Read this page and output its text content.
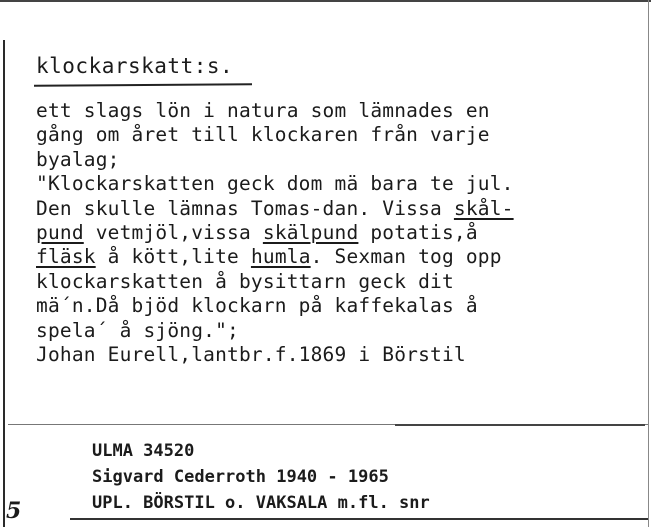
klockarskatt:s.
ett slags lön i natura som lämnades en
gång om året till klockaren från varje
byalag;
"Klockarskatten geck dom mä bara te jul.
Den skulle lämnas Tomas-dan. Vissa skål-
pund vetmjöl,vissa skälpund potatis,å
fläsk å kött,lite humla. Sexman tog opp
klockarskatten å bysittarn geck dit
mä´n.Då bjöd klockarn på kaffekalas å
spela´ å sjöng.";
Johan Eurell,lantbr.f.1869 i Börstil
ULMA 34520
Sigvard Cederroth 1940 - 1965
UPL. BÖRSTIL o. VAKSALA m.fl. snr
5
